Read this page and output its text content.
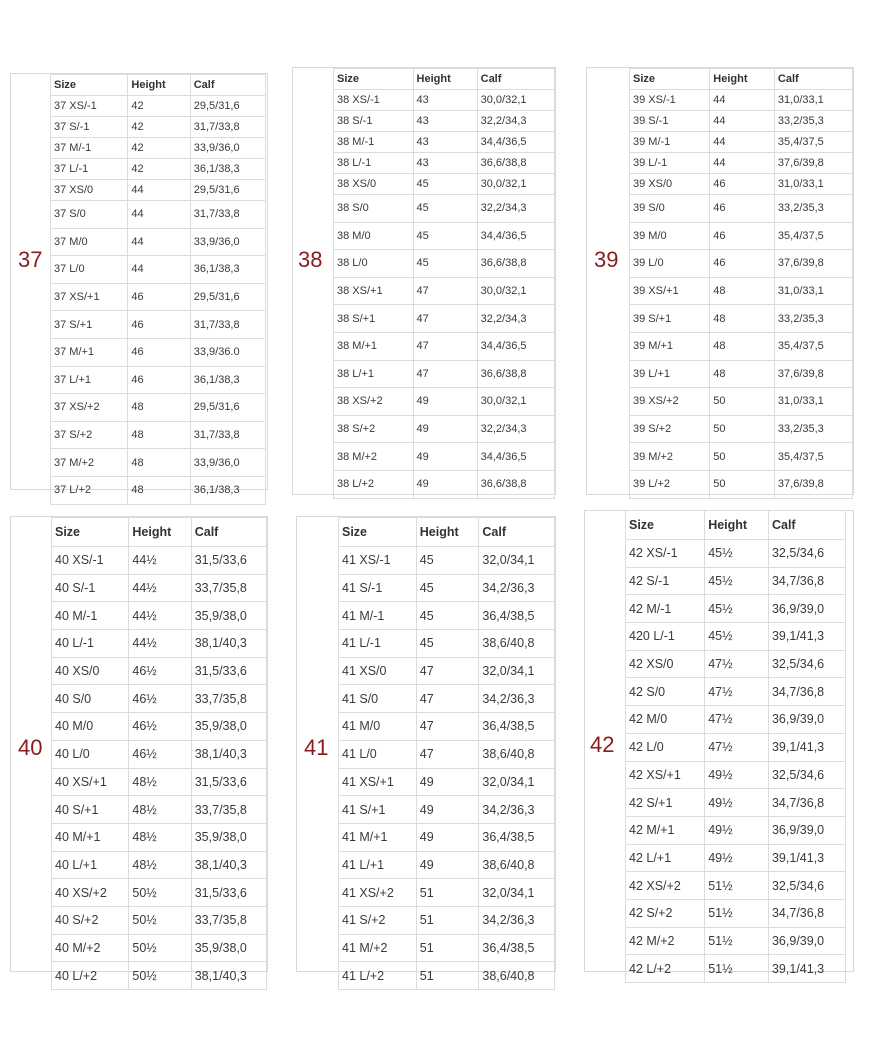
37
Size	Height	Calf
37 XS/-1	42	29,5/31,6
37 S/-1	42	31,7/33,8
37 M/-1	42	33,9/36,0
37 L/-1	42	36,1/38,3
37 XS/0	44	29,5/31,6
37 S/0	44	31,7/33,8
37 M/0	44	33,9/36,0
37 L/0	44	36,1/38,3
37 XS/+1	46	29,5/31,6
37 S/+1	46	31,7/33,8
37 M/+1	46	33,9/36.0
37 L/+1	46	36,1/38,3
37 XS/+2	48	29,5/31,6
37 S/+2	48	31,7/33,8
37 M/+2	48	33,9/36,0
37 L/+2	48	36,1/38,3
38
Size	Height	Calf
38 XS/-1	43	30,0/32,1
38 S/-1	43	32,2/34,3
38 M/-1	43	34,4/36,5
38 L/-1	43	36,6/38,8
38 XS/0	45	30,0/32,1
38 S/0	45	32,2/34,3
38 M/0	45	34,4/36,5
38 L/0	45	36,6/38,8
38 XS/+1	47	30,0/32,1
38 S/+1	47	32,2/34,3
38 M/+1	47	34,4/36,5
38 L/+1	47	36,6/38,8
38 XS/+2	49	30,0/32,1
38 S/+2	49	32,2/34,3
38 M/+2	49	34,4/36,5
38 L/+2	49	36,6/38,8
39
Size	Height	Calf
39 XS/-1	44	31,0/33,1
39 S/-1	44	33,2/35,3
39 M/-1	44	35,4/37,5
39 L/-1	44	37,6/39,8
39 XS/0	46	31,0/33,1
39 S/0	46	33,2/35,3
39 M/0	46	35,4/37,5
39 L/0	46	37,6/39,8
39 XS/+1	48	31,0/33,1
39 S/+1	48	33,2/35,3
39 M/+1	48	35,4/37,5
39 L/+1	48	37,6/39,8
39 XS/+2	50	31,0/33,1
39 S/+2	50	33,2/35,3
39 M/+2	50	35,4/37,5
39 L/+2	50	37,6/39,8
40
Size	Height	Calf
40 XS/-1	44½	31,5/33,6
40 S/-1	44½	33,7/35,8
40 M/-1	44½	35,9/38,0
40 L/-1	44½	38,1/40,3
40 XS/0	46½	31,5/33,6
40 S/0	46½	33,7/35,8
40 M/0	46½	35,9/38,0
40 L/0	46½	38,1/40,3
40 XS/+1	48½	31,5/33,6
40 S/+1	48½	33,7/35,8
40 M/+1	48½	35,9/38,0
40 L/+1	48½	38,1/40,3
40 XS/+2	50½	31,5/33,6
40 S/+2	50½	33,7/35,8
40 M/+2	50½	35,9/38,0
40 L/+2	50½	38,1/40,3
41
Size	Height	Calf
41 XS/-1	45	32,0/34,1
41 S/-1	45	34,2/36,3
41 M/-1	45	36,4/38,5
41 L/-1	45	38,6/40,8
41 XS/0	47	32,0/34,1
41 S/0	47	34,2/36,3
41 M/0	47	36,4/38,5
41 L/0	47	38,6/40,8
41 XS/+1	49	32,0/34,1
41 S/+1	49	34,2/36,3
41 M/+1	49	36,4/38,5
41 L/+1	49	38,6/40,8
41 XS/+2	51	32,0/34,1
41 S/+2	51	34,2/36,3
41 M/+2	51	36,4/38,5
41 L/+2	51	38,6/40,8
42
Size	Height	Calf
42 XS/-1	45½	32,5/34,6
42 S/-1	45½	34,7/36,8
42 M/-1	45½	36,9/39,0
420 L/-1	45½	39,1/41,3
42 XS/0	47½	32,5/34,6
42 S/0	47½	34,7/36,8
42 M/0	47½	36,9/39,0
42 L/0	47½	39,1/41,3
42 XS/+1	49½	32,5/34,6
42 S/+1	49½	34,7/36,8
42 M/+1	49½	36,9/39,0
42 L/+1	49½	39,1/41,3
42 XS/+2	51½	32,5/34,6
42 S/+2	51½	34,7/36,8
42 M/+2	51½	36,9/39,0
42 L/+2	51½	39,1/41,3
